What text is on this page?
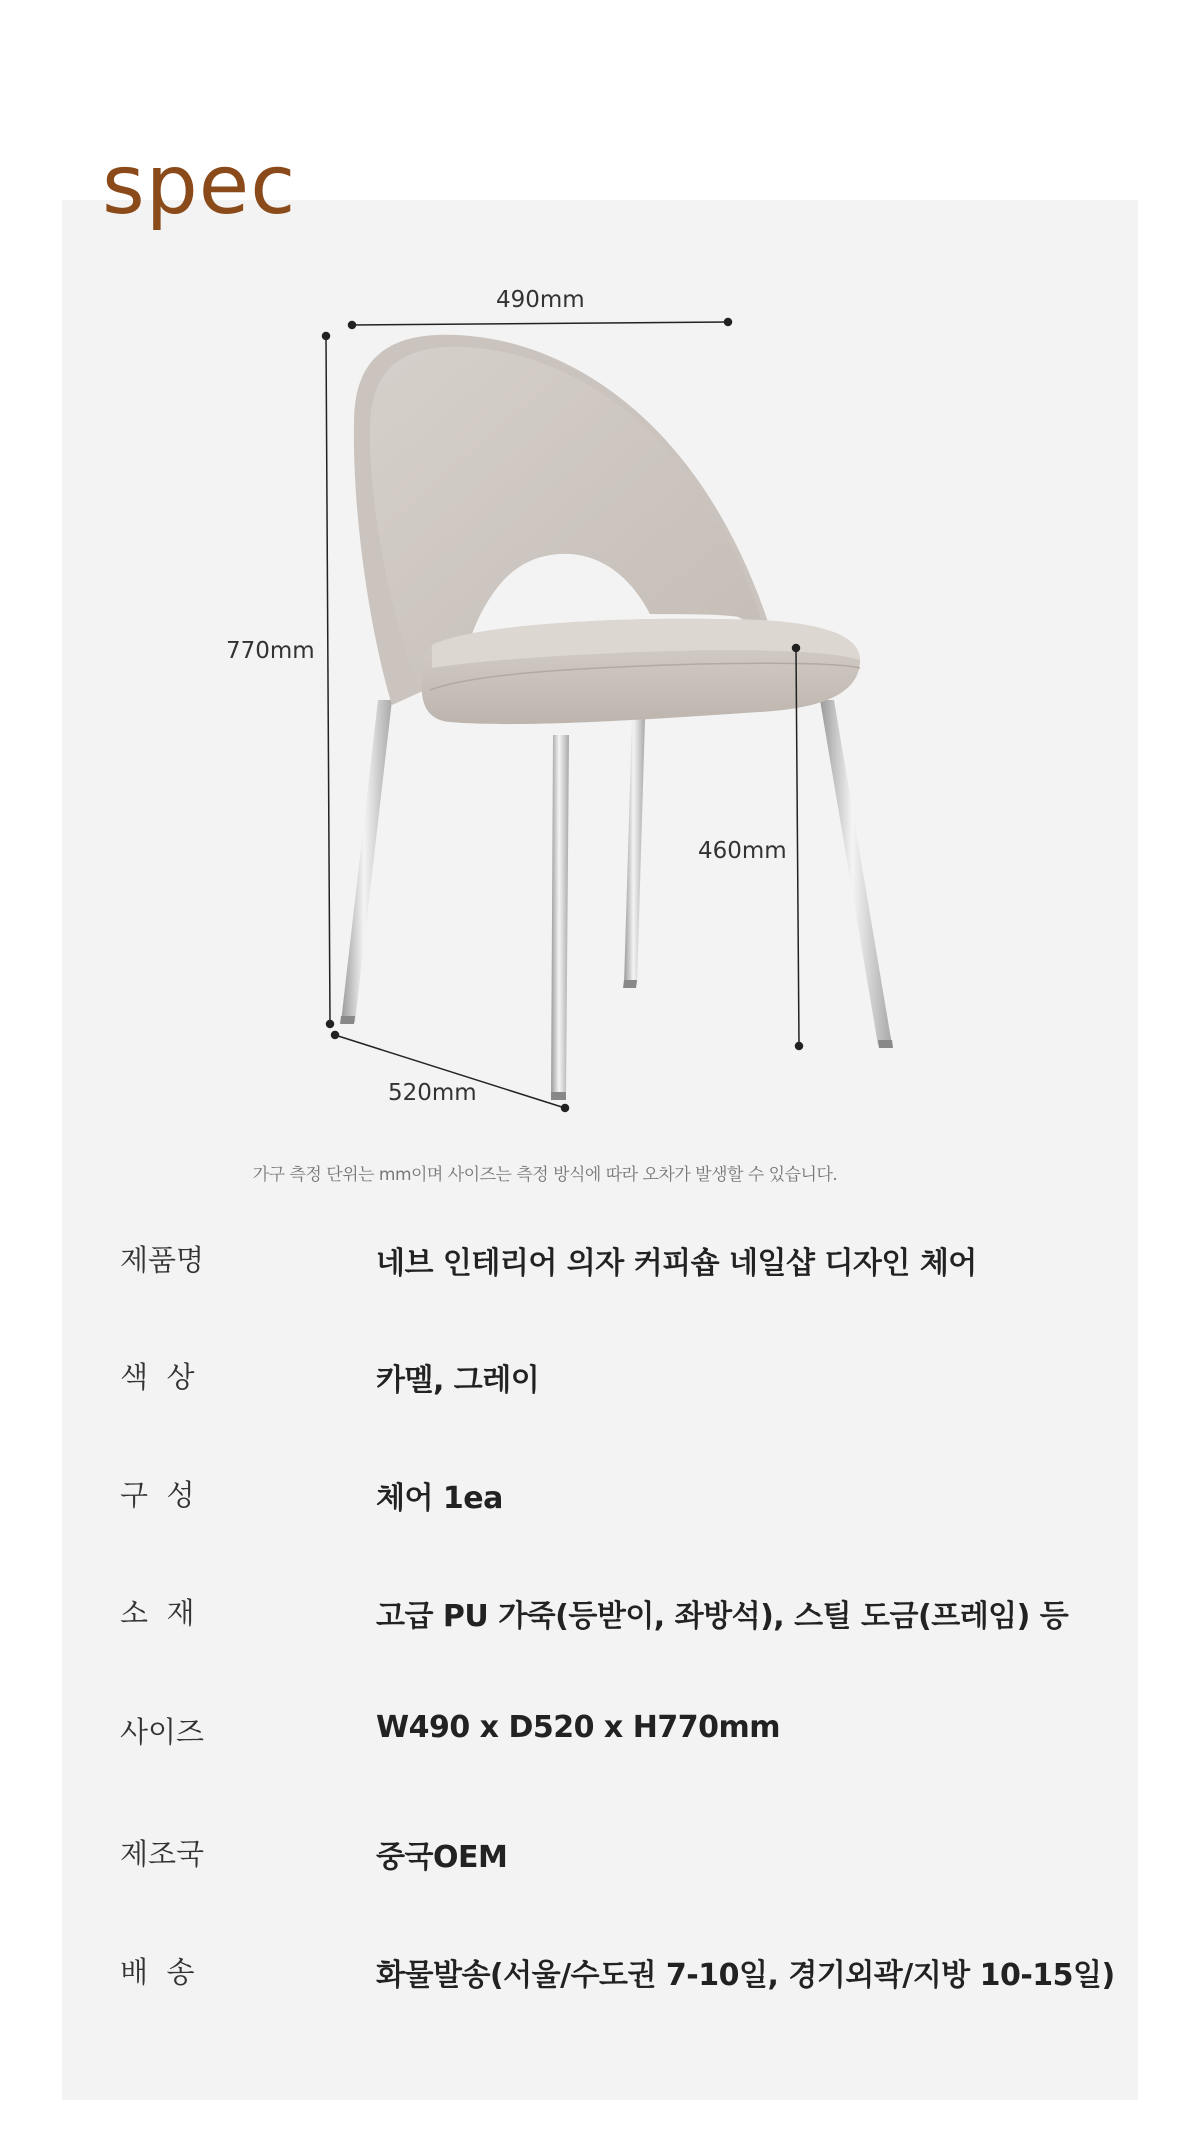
spec
490mm
770mm
460mm
520mm
가구 측정 단위는 mm이며 사이즈는 측정 방식에 따라 오차가 발생할 수 있습니다.
제품명	네브 인테리어 의자 커피숍 네일샵 디자인 체어
색  상	카멜, 그레이
구  성	체어 1ea
소  재	고급 PU 가죽(등받이, 좌방석), 스틸 도금(프레임) 등
사이즈	W490 x D520 x H770mm
제조국	중국OEM
배  송	화물발송(서울/수도권 7-10일, 경기외곽/지방 10-15일)
